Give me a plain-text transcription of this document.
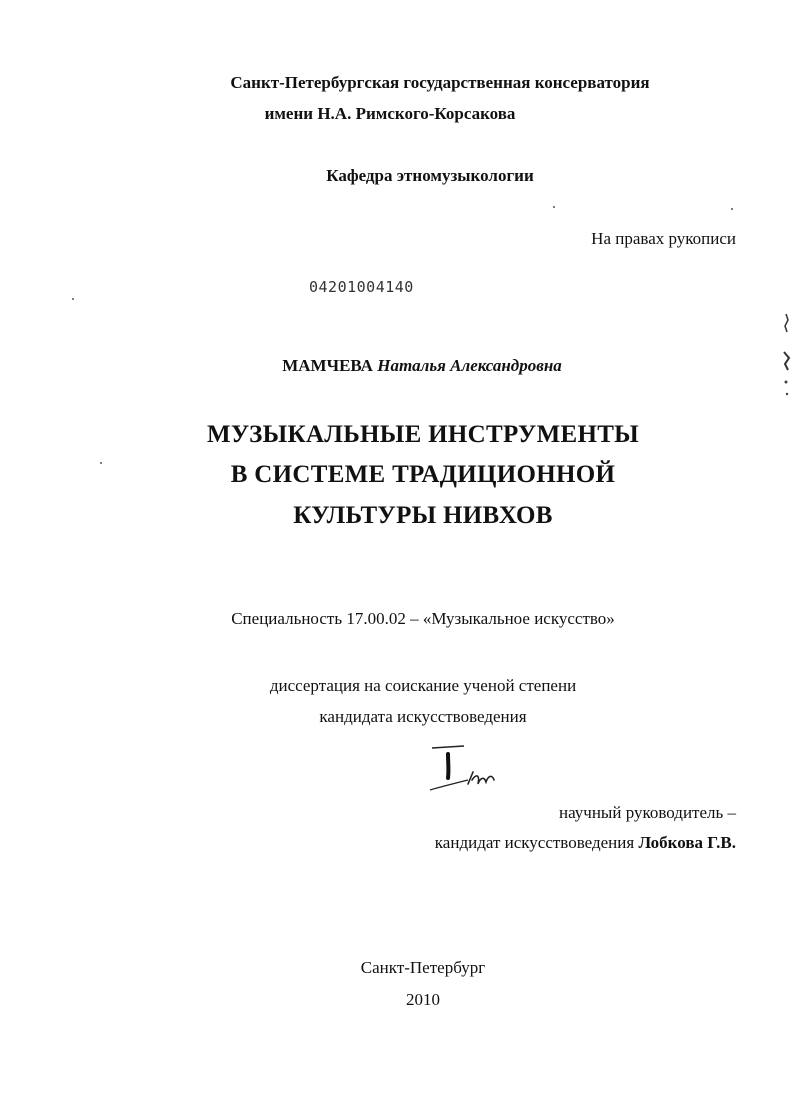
Санкт-Петербургская государственная консерватория
имени Н.А. Римского-Корсакова
Кафедра этномузыкологии
На правах рукописи
04201004140
МАМЧЕВА Наталья Александровна
МУЗЫКАЛЬНЫЕ ИНСТРУМЕНТЫ
В СИСТЕМЕ ТРАДИЦИОННОЙ
КУЛЬТУРЫ НИВХОВ
Специальность 17.00.02 – «Музыкальное искусство»
диссертация на соискание ученой степени
кандидата искусствоведения
научный руководитель –
кандидат искусствоведения Лобкова Г.В.
Санкт-Петербург
2010
